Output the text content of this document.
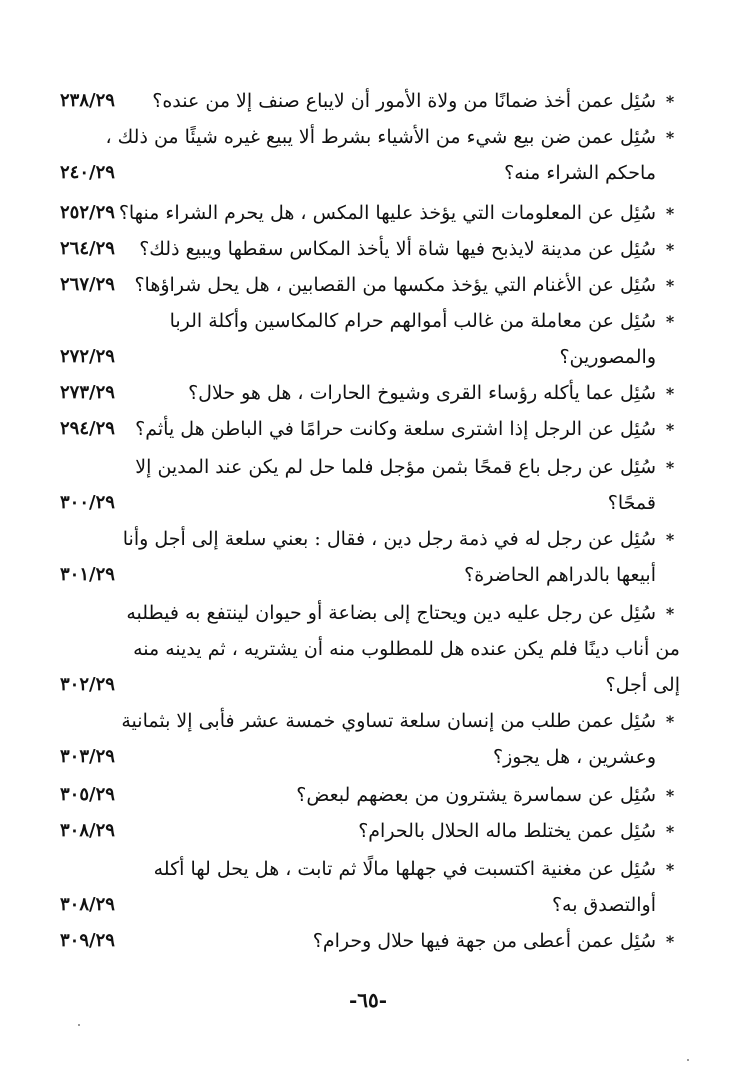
*سُئِل عمن أخذ ضمانًا من ولاة الأمور أن لايباع صنف إلا من عنده؟
٢٣٨/٢٩
*سُئِل عمن ضن بيع شيء من الأشياء بشرط ألا يبيع غيره شيئًا من ذلك ،
ماحكم الشراء منه؟
٢٤٠/٢٩
*سُئِل عن المعلومات التي يؤخذ عليها المكس ، هل يحرم الشراء منها؟
٢٥٢/٢٩
*سُئِل عن مدينة لايذبح فيها شاة ألا يأخذ المكاس سقطها ويبيع ذلك؟
٢٦٤/٢٩
*سُئِل عن الأغنام التي يؤخذ مكسها من القصابين ، هل يحل شراؤها؟
٢٦٧/٢٩
*سُئِل عن معاملة من غالب أموالهم حرام كالمكاسين وأكلة الربا
والمصورين؟
٢٧٢/٢٩
*سُئِل عما يأكله رؤساء القرى وشيوخ الحارات ، هل هو حلال؟
٢٧٣/٢٩
*سُئِل عن الرجل إذا اشترى سلعة وكانت حرامًا في الباطن هل يأثم؟
٢٩٤/٢٩
*سُئِل عن رجل باع قمحًا بثمن مؤجل فلما حل لم يكن عند المدين إلا
قمحًا؟
٣٠٠/٢٩
*سُئِل عن رجل له في ذمة رجل دين ، فقال : بعني سلعة إلى أجل وأنا
أبيعها بالدراهم الحاضرة؟
٣٠١/٢٩
*سُئِل عن رجل عليه دين ويحتاج إلى بضاعة أو حيوان لينتفع به فيطلبه
من أناب دينًا فلم يكن عنده هل للمطلوب منه أن يشتريه ، ثم يدينه منه
إلى أجل؟
٣٠٢/٢٩
*سُئِل عمن طلب من إنسان سلعة تساوي خمسة عشر فأبى إلا بثمانية
وعشرين ، هل يجوز؟
٣٠٣/٢٩
*سُئِل عن سماسرة يشترون من بعضهم لبعض؟
٣٠٥/٢٩
*سُئِل عمن يختلط ماله الحلال بالحرام؟
٣٠٨/٢٩
*سُئِل عن مغنية اكتسبت في جهلها مالًا ثم تابت ، هل يحل لها أكله
أوالتصدق به؟
٣٠٨/٢٩
*سُئِل عمن أعطى من جهة فيها حلال وحرام؟
٣٠٩/٢٩
-٦٥-
